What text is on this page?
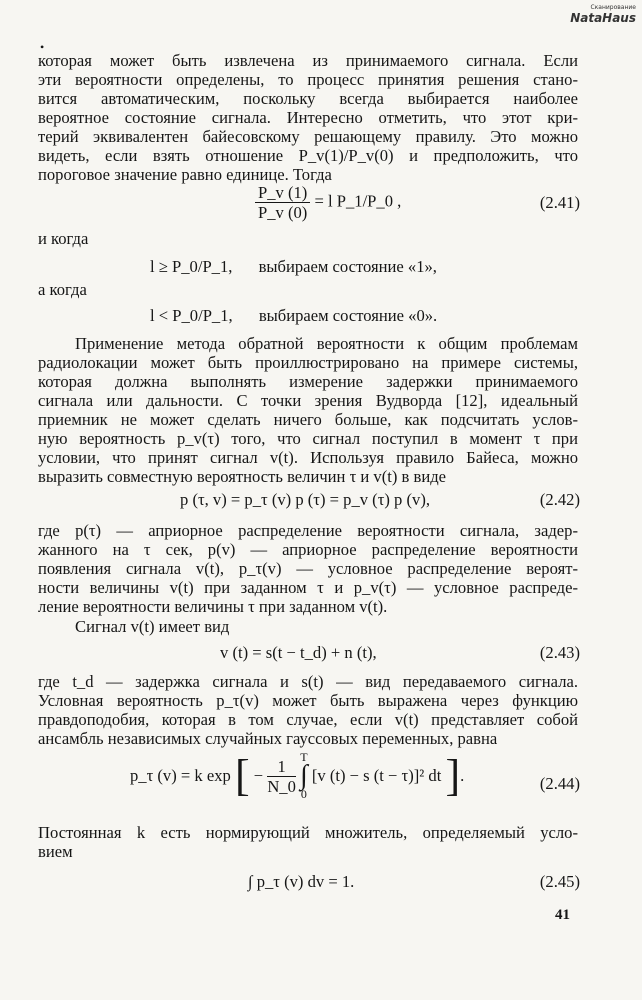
Сканирование
NataHaus
•
которая может быть извлечена из принимаемого сигнала. Если
эти вероятности определены, то процесс принятия решения стано-
вится автоматическим, поскольку всегда выбирается наиболее
вероятное состояние сигнала. Интересно отметить, что этот кри-
терий эквивалентен байесовскому решающему правилу. Это можно
видеть, если взять отношение P_v(1)/P_v(0) и предположить, что
пороговое значение равно единице. Тогда
$\frac{P\_v (1)}{P\_v (0)} = l$ P_1/P_0 ,	(2.41)
и когда
l ≥ P_0/P_1, выбираем состояние «1»,
а когда
l < P_0/P_1, выбираем состояние «0».
Применение метода обратной вероятности к общим проблемам
радиолокации может быть проиллюстрировано на примере системы,
которая должна выполнять измерение задержки принимаемого
сигнала или дальности. С точки зрения Вудворда [12], идеальный
приемник не может сделать ничего больше, как подсчитать услов-
ную вероятность p_v(τ) того, что сигнал поступил в момент τ при
условии, что принят сигнал v(t). Используя правило Байеса, можно
выразить совместную вероятность величин τ и v(t) в виде
p (τ, v) = p_τ (v) p (τ) = p_v (τ) p (v),	(2.42)
где p(τ) — априорное распределение вероятности сигнала, задер-
жанного на τ сек, p(v) — априорное распределение вероятности
появления сигнала v(t), p_τ(v) — условное распределение вероят-
ности величины v(t) при заданном τ и p_v(τ) — условное распреде-
ление вероятности величины τ при заданном v(t).
Сигнал v(t) имеет вид
v (t) = s(t − t_d) + n (t),	(2.43)
где t_d — задержка сигнала и s(t) — вид передаваемого сигнала.
Условная вероятность p_τ(v) может быть выражена через функцию
правдоподобия, которая в том случае, если v(t) представляет собой
ансамбль независимых случайных гауссовых переменных, равна
p_τ (v) = k exp [ − $\frac{1}{N\_0}$ T
∫
0 [v (t) − s (t − τ)]² dt ].	(2.44)
Постоянная k есть нормирующий множитель, определяемый усло-
вием
∫ p_τ (v) dv = 1.	(2.45)
41
